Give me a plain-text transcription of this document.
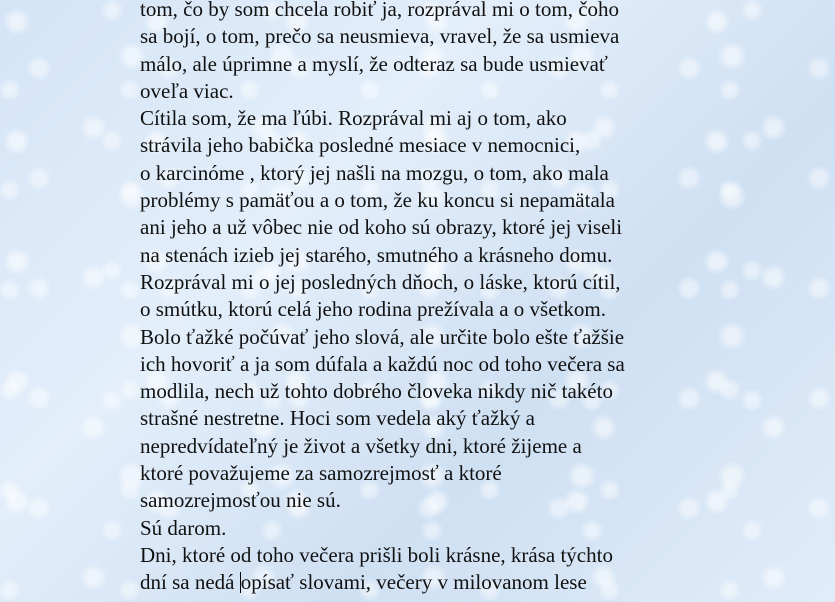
tom, čo by som chcela robiť ja, rozprával mi o tom, čoho
sa bojí, o tom, prečo sa neusmieva, vravel, že sa usmieva
málo, ale úprimne a myslí, že odteraz sa bude usmievať
oveľa viac.
Cítila som, že ma ľúbi. Rozprával mi aj o tom, ako
strávila jeho babička posledné mesiace v nemocnici,
o karcinóme , ktorý jej našli na mozgu, o tom, ako mala
problémy s pamäťou a o tom, že ku koncu si nepamätala
ani jeho a už vôbec nie od koho sú obrazy, ktoré jej viseli
na stenách izieb jej starého, smutného a krásneho domu.
Rozprával mi o jej posledných dňoch, o láske, ktorú cítil,
o smútku, ktorú celá jeho rodina prežívala a o všetkom.
Bolo ťažké počúvať jeho slová, ale určite bolo ešte ťažšie
ich hovoriť a ja som dúfala a každú noc od toho večera sa
modlila, nech už tohto dobrého človeka nikdy nič takéto
strašné nestretne. Hoci som vedela aký ťažký a
nepredvídateľný je život a všetky dni, ktoré žijeme a
ktoré považujeme za samozrejmosť a ktoré
samozrejmosťou nie sú.
Sú darom.
Dni, ktoré od toho večera prišli boli krásne, krása týchto
dní sa nedá opísať slovami, večery v milovanom lese
